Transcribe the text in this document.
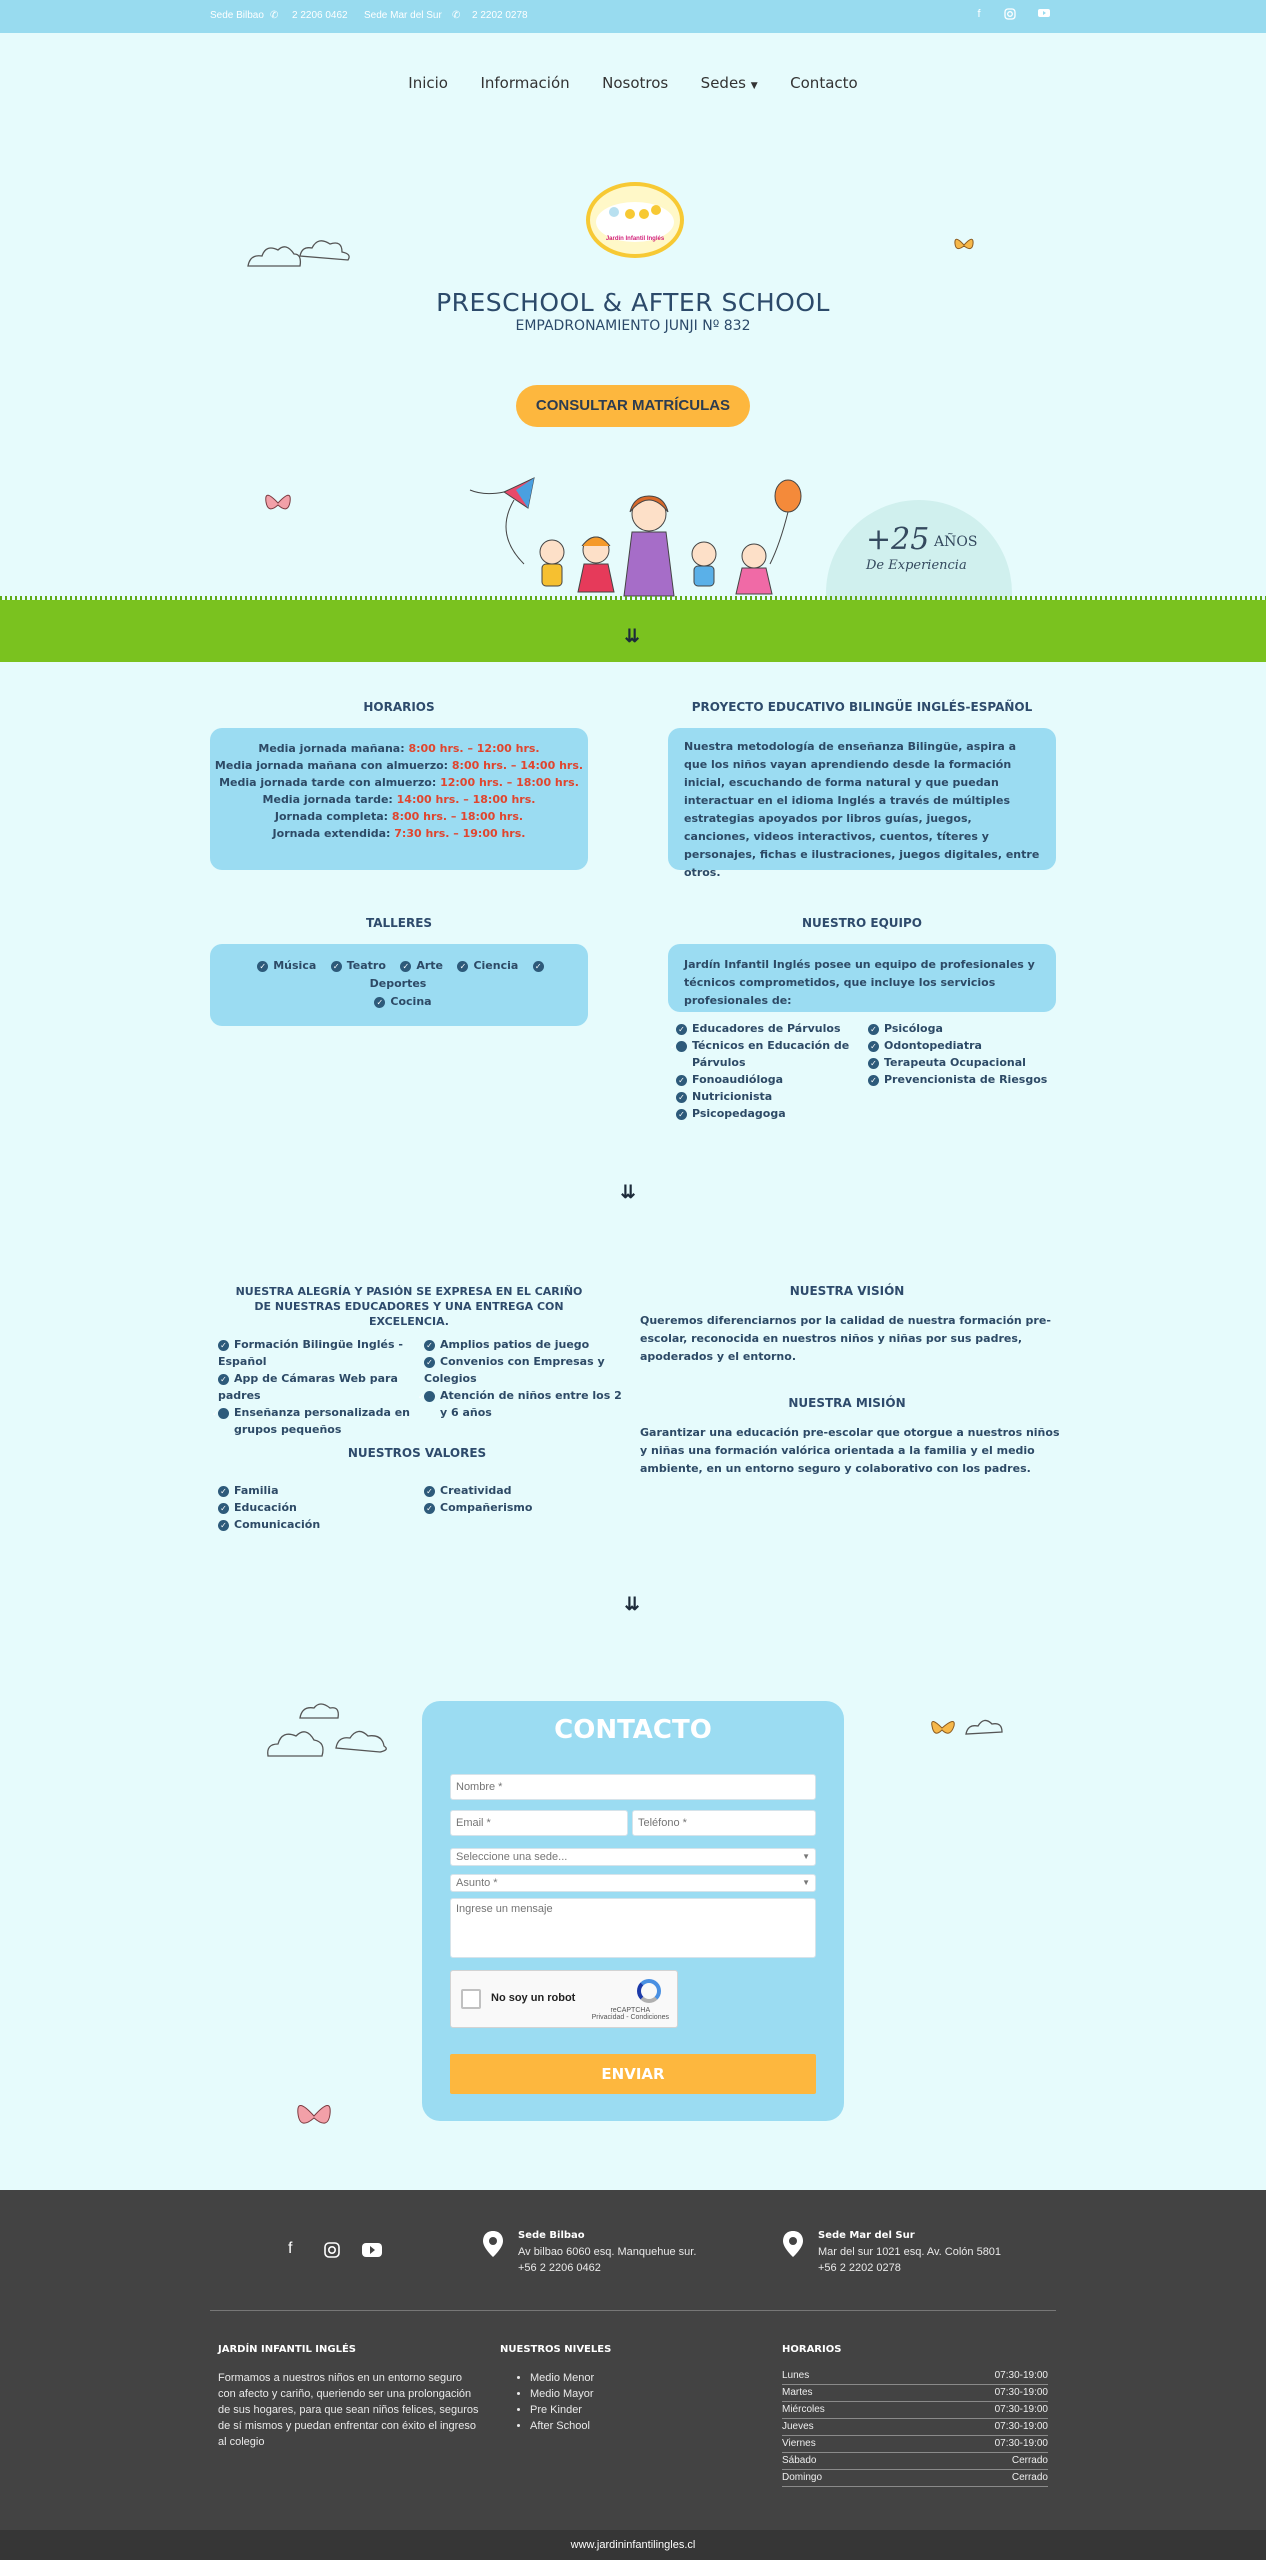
Sede Bilbao ✆ 2 2206 0462 Sede Mar del Sur ✆ 2 2202 0278	f
Inicio Información Nosotros Sedes ▼ Contacto
Jardín Infantil Inglés
PRESCHOOL & AFTER SCHOOL
EMPADRONAMIENTO JUNJI Nº 832
CONSULTAR MATRÍCULAS
+25 AÑOS
De Experiencia
⇊
HORARIOS
Media jornada mañana: 8:00 hrs. – 12:00 hrs.
Media jornada mañana con almuerzo: 8:00 hrs. – 14:00 hrs.
Media jornada tarde con almuerzo: 12:00 hrs. – 18:00 hrs.
Media jornada tarde: 14:00 hrs. – 18:00 hrs.
Jornada completa: 8:00 hrs. – 18:00 hrs.
Jornada extendida: 7:30 hrs. – 19:00 hrs.
PROYECTO EDUCATIVO BILINGÜE INGLÉS-ESPAÑOL
Nuestra metodología de enseñanza Bilingüe, aspira a que los niños vayan aprendiendo desde la formación inicial, escuchando de forma natural y que puedan interactuar en el idioma Inglés a través de múltiples estrategias apoyados por libros guías, juegos, canciones, videos interactivos, cuentos, títeres y personajes, fichas e ilustraciones, juegos digitales, entre otros.
TALLERES
✓ Música ✓ Teatro ✓ Arte ✓ Ciencia ✓Deportes
✓ Cocina
NUESTRO EQUIPO
Jardín Infantil Inglés posee un equipo de profesionales y técnicos comprometidos, que incluye los servicios profesionales de:
✓ Educadores de Párvulos
✓ Técnicos en Educación de Párvulos
✓ Fonoaudióloga
✓ Nutricionista
✓ Psicopedagoga
✓ Psicóloga
✓ Odontopediatra
✓ Terapeuta Ocupacional
✓ Prevencionista de Riesgos
⇊
NUESTRA ALEGRÍA Y PASIÓN SE EXPRESA EN EL CARIÑO DE NUESTRAS EDUCADORES Y UNA ENTREGA CON EXCELENCIA.
✓ Formación Bilingüe Inglés - Español
✓ App de Cámaras Web para padres
✓ Enseñanza personalizada en grupos pequeños
✓ Amplios patios de juego
✓ Convenios con Empresas y Colegios
✓ Atención de niños entre los 2 y 6 años
NUESTROS VALORES
✓ Familia
✓ Educación
✓ Comunicación
✓ Creatividad
✓ Compañerismo
NUESTRA VISIÓN
Queremos diferenciarnos por la calidad de nuestra formación pre-escolar, reconocida en nuestros niños y niñas por sus padres, apoderados y el entorno.
NUESTRA MISIÓN
Garantizar una educación pre-escolar que otorgue a nuestros niños y niñas una formación valórica orientada a la familia y el medio ambiente, en un entorno seguro y colaborativo con los padres.
⇊
CONTACTO
Nombre *
Email *
Teléfono *
Seleccione una sede...	▼
Asunto *	▼
Ingrese un mensaje
No soy un robot
reCAPTCHA
Privacidad - Condiciones
ENVIAR
f
Sede Bilbao
Av bilbao 6060 esq. Manquehue sur.
+56 2 2206 0462
Sede Mar del Sur
Mar del sur 1021 esq. Av. Colón 5801
+56 2 2202 0278
JARDÍN INFANTIL INGLÉS
Formamos a nuestros niños en un entorno seguro con afecto y cariño, queriendo ser una prolongación de sus hogares, para que sean niños felices, seguros de sí mismos y puedan enfrentar con éxito el ingreso al colegio
NUESTROS NIVELES
• Medio Menor
• Medio Mayor
• Pre Kinder
• After School
HORARIOS
Lunes	07:30-19:00
Martes	07:30-19:00
Miércoles	07:30-19:00
Jueves	07:30-19:00
Viernes	07:30-19:00
Sábado	Cerrado
Domingo	Cerrado
www.jardininfantilingles.cl
